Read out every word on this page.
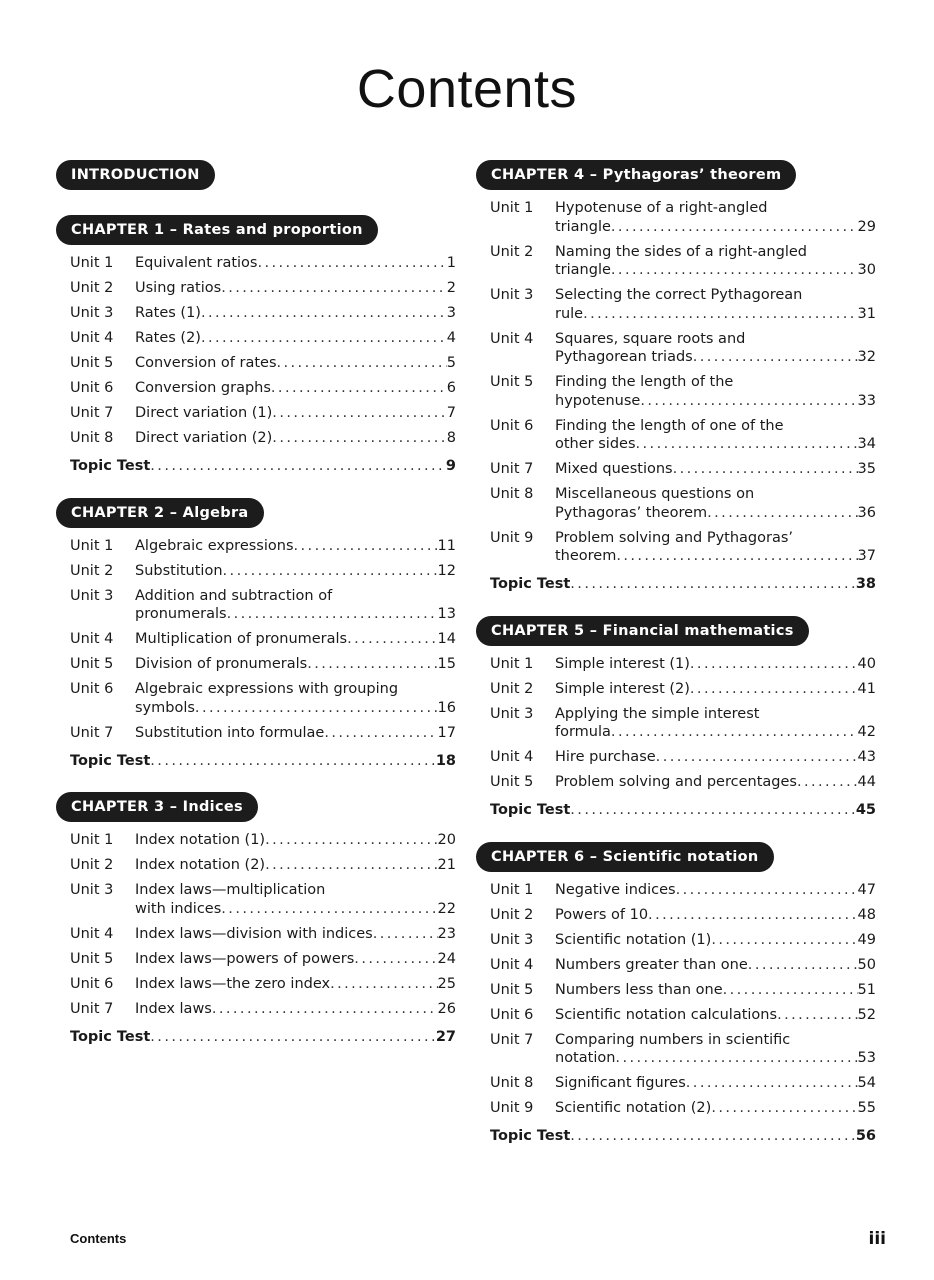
Contents
INTRODUCTION
CHAPTER 1 – Rates and proportion
Unit 1	Equivalent ratios . . .	1
Unit 2	Using ratios . . .	2
Unit 3	Rates (1) . . .	3
Unit 4	Rates (2) . . .	4
Unit 5	Conversion of rates . . .	5
Unit 6	Conversion graphs . . .	6
Unit 7	Direct variation (1) . . .	7
Unit 8	Direct variation (2) . . .	8
Topic Test . . .	9
CHAPTER 2 – Algebra
Unit 1	Algebraic expressions . . .	11
Unit 2	Substitution . . .	12
Unit 3	Addition and subtraction of
pronumerals . . .	13
Unit 4	Multiplication of pronumerals . . .	14
Unit 5	Division of pronumerals . . .	15
Unit 6	Algebraic expressions with grouping
symbols . . .	16
Unit 7	Substitution into formulae . . .	17
Topic Test . . .	18
CHAPTER 3 – Indices
Unit 1	Index notation (1) . . .	20
Unit 2	Index notation (2) . . .	21
Unit 3	Index laws—multiplication
with indices . . .	22
Unit 4	Index laws—division with indices . . .	23
Unit 5	Index laws—powers of powers . . .	24
Unit 6	Index laws—the zero index . . .	25
Unit 7	Index laws . . .	26
Topic Test . . .	27
CHAPTER 4 – Pythagoras’ theorem
Unit 1	Hypotenuse of a right-angled
triangle . . .	29
Unit 2	Naming the sides of a right-angled
triangle . . .	30
Unit 3	Selecting the correct Pythagorean
rule . . .	31
Unit 4	Squares, square roots and
Pythagorean triads . . .	32
Unit 5	Finding the length of the
hypotenuse . . .	33
Unit 6	Finding the length of one of the
other sides . . .	34
Unit 7	Mixed questions . . .	35
Unit 8	Miscellaneous questions on
Pythagoras’ theorem . . .	36
Unit 9	Problem solving and Pythagoras’
theorem . . .	37
Topic Test . . .	38
CHAPTER 5 – Financial mathematics
Unit 1	Simple interest (1) . . .	40
Unit 2	Simple interest (2) . . .	41
Unit 3	Applying the simple interest
formula . . .	42
Unit 4	Hire purchase . . .	43
Unit 5	Problem solving and percentages . . .	44
Topic Test . . .	45
CHAPTER 6 – Scientific notation
Unit 1	Negative indices . . .	47
Unit 2	Powers of 10 . . .	48
Unit 3	Scientific notation (1) . . .	49
Unit 4	Numbers greater than one . . .	50
Unit 5	Numbers less than one . . .	51
Unit 6	Scientific notation calculations . . .	52
Unit 7	Comparing numbers in scientific
notation . . .	53
Unit 8	Significant figures . . .	54
Unit 9	Scientific notation (2) . . .	55
Topic Test . . .	56
Contents	iii
